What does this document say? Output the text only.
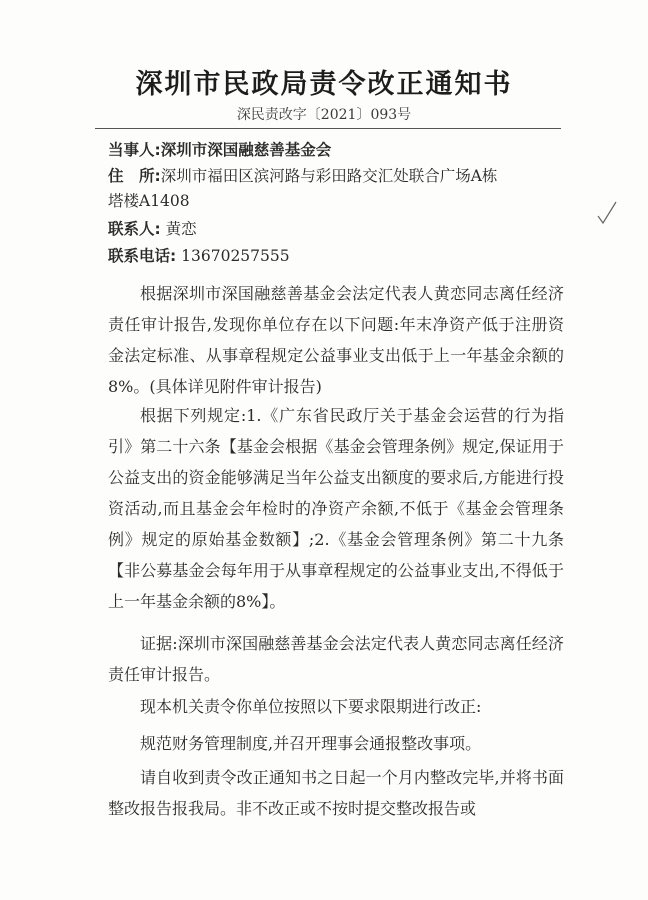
深圳市民政局责令改正通知书
深民责改字〔2021〕093号
当事人:深圳市深国融慈善基金会
住　所:深圳市福田区滨河路与彩田路交汇处联合广场A栋
塔楼A1408
联系人: 黄恋
联系电话: 13670257555
根据深圳市深国融慈善基金会法定代表人黄恋同志离任经济责任审计报告,发现你单位存在以下问题:年末净资产低于注册资金法定标准、从事章程规定公益事业支出低于上一年基金余额的8%。(具体详见附件审计报告)
根据下列规定:1.《广东省民政厅关于基金会运营的行为指引》第二十六条【基金会根据《基金会管理条例》规定,保证用于公益支出的资金能够满足当年公益支出额度的要求后,方能进行投资活动,而且基金会年检时的净资产余额,不低于《基金会管理条例》规定的原始基金数额】;2.《基金会管理条例》第二十九条【非公募基金会每年用于从事章程规定的公益事业支出,不得低于上一年基金余额的8%】。
证据:深圳市深国融慈善基金会法定代表人黄恋同志离任经济责任审计报告。
现本机关责令你单位按照以下要求限期进行改正:
规范财务管理制度,并召开理事会通报整改事项。
请自收到责令改正通知书之日起一个月内整改完毕,并将书面整改报告报我局。非不改正或不按时提交整改报告或
